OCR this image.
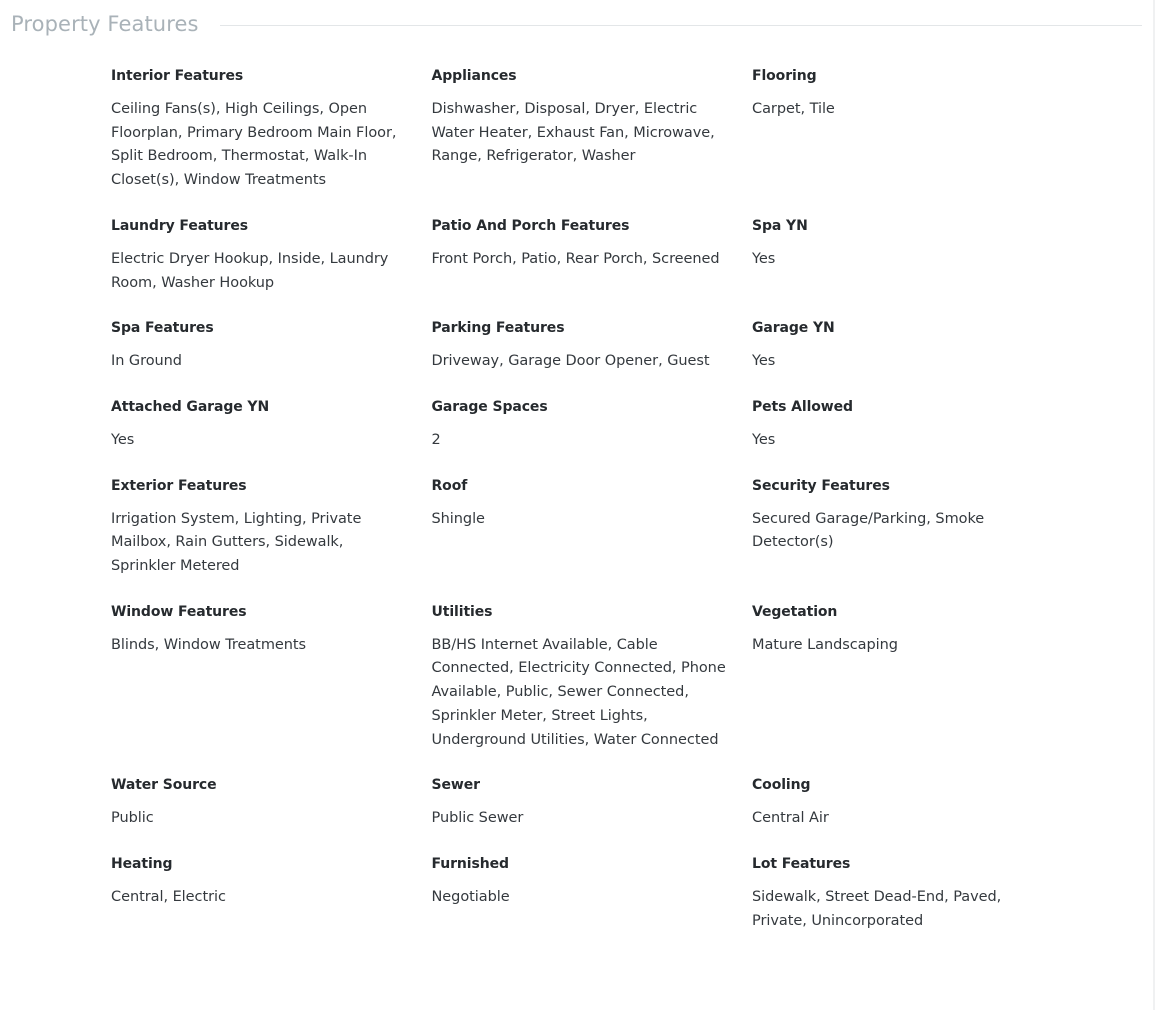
Property Features
Interior Features
Ceiling Fans(s), High Ceilings, Open Floorplan, Primary Bedroom Main Floor, Split Bedroom, Thermostat, Walk-In Closet(s), Window Treatments
Appliances
Dishwasher, Disposal, Dryer, Electric Water Heater, Exhaust Fan, Microwave, Range, Refrigerator, Washer
Flooring
Carpet, Tile
Laundry Features
Electric Dryer Hookup, Inside, Laundry Room, Washer Hookup
Patio And Porch Features
Front Porch, Patio, Rear Porch, Screened
Spa YN
Yes
Spa Features
In Ground
Parking Features
Driveway, Garage Door Opener, Guest
Garage YN
Yes
Attached Garage YN
Yes
Garage Spaces
2
Pets Allowed
Yes
Exterior Features
Irrigation System, Lighting, Private Mailbox, Rain Gutters, Sidewalk, Sprinkler Metered
Roof
Shingle
Security Features
Secured Garage/Parking, Smoke Detector(s)
Window Features
Blinds, Window Treatments
Utilities
BB/HS Internet Available, Cable Connected, Electricity Connected, Phone Available, Public, Sewer Connected, Sprinkler Meter, Street Lights, Underground Utilities, Water Connected
Vegetation
Mature Landscaping
Water Source
Public
Sewer
Public Sewer
Cooling
Central Air
Heating
Central, Electric
Furnished
Negotiable
Lot Features
Sidewalk, Street Dead-End, Paved, Private, Unincorporated
